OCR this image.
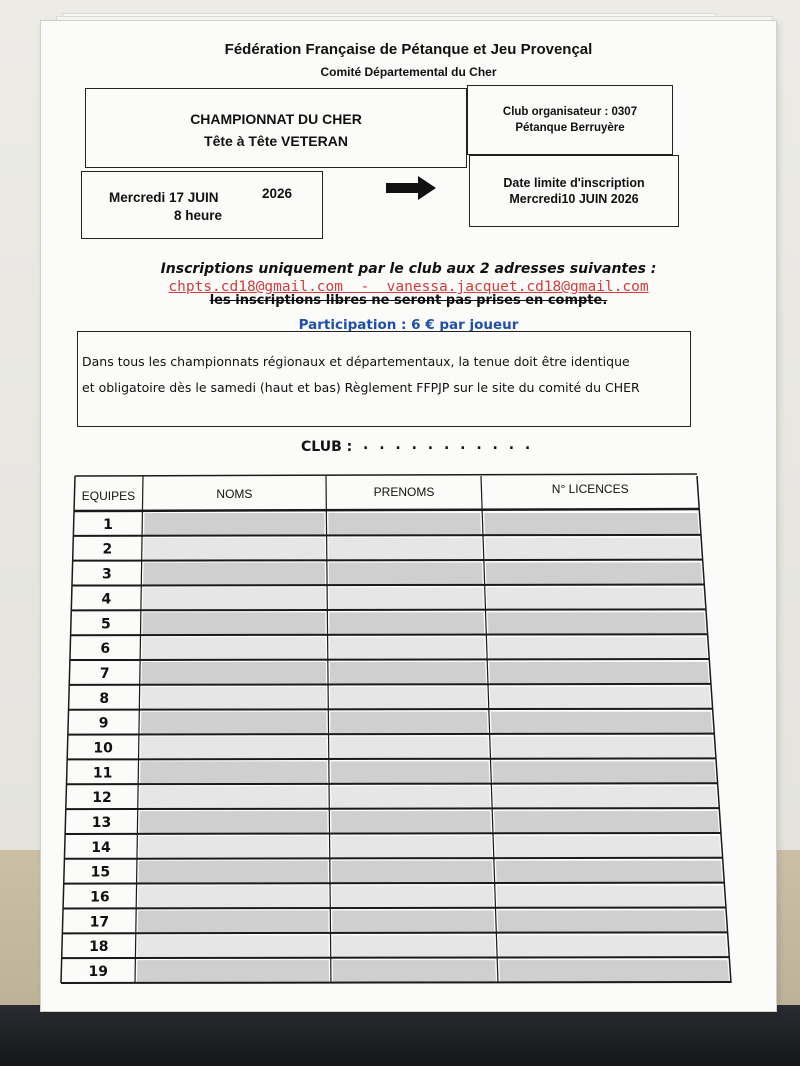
Fédération Française de Pétanque et Jeu Provençal
Comité Départemental du Cher
CHAMPIONNAT DU CHER
Tête à Tête VETERAN
Club organisateur : 0307
Pétanque Berruyère
Mercredi 17 JUIN	2026
8 heure
Date limite d'inscription
Mercredi10 JUIN 2026
Inscriptions uniquement par le club aux 2 adresses suivantes :
chpts.cd18@gmail.com  -  vanessa.jacquet.cd18@gmail.com
les inscriptions libres ne seront pas prises en compte.
Participation : 6 € par joueur
Dans tous les championnats régionaux et départementaux, la tenue doit être identique
et obligatoire dès le samedi (haut et bas) Règlement FFPJP sur le site du comité du CHER
CLUB : . . . . . . . . . . .
EQUIPES	NOMS	PRENOMS	N° LICENCES
1
2
3
4
5
6
7
8
9
10
11
12
13
14
15
16
17
18
19
